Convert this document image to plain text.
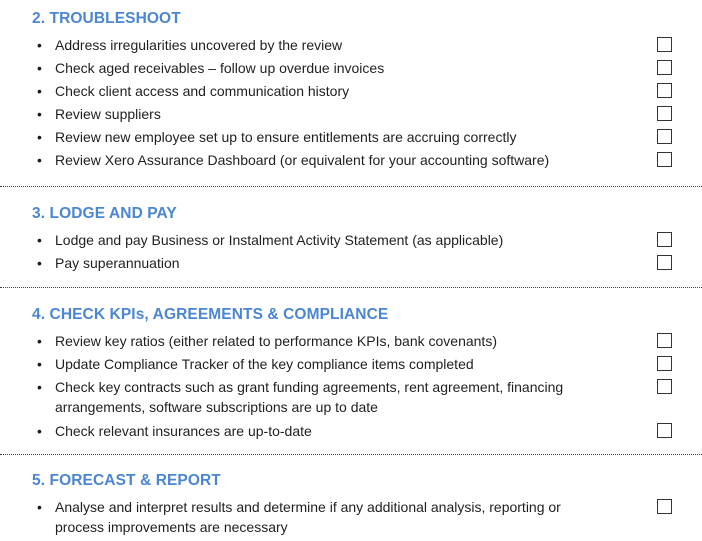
2. TROUBLESHOOT
• Address irregularities uncovered by the review
• Check aged receivables – follow up overdue invoices
• Check client access and communication history
• Review suppliers
• Review new employee set up to ensure entitlements are accruing correctly
• Review Xero Assurance Dashboard (or equivalent for your accounting software)
3. LODGE AND PAY
• Lodge and pay Business or Instalment Activity Statement (as applicable)
• Pay superannuation
4. CHECK KPIs, AGREEMENTS & COMPLIANCE
• Review key ratios (either related to performance KPIs, bank covenants)
• Update Compliance Tracker of the key compliance items completed
• Check key contracts such as grant funding agreements, rent agreement, financing arrangements, software subscriptions are up to date
• Check relevant insurances are up-to-date
5. FORECAST & REPORT
• Analyse and interpret results and determine if any additional analysis, reporting or process improvements are necessary
